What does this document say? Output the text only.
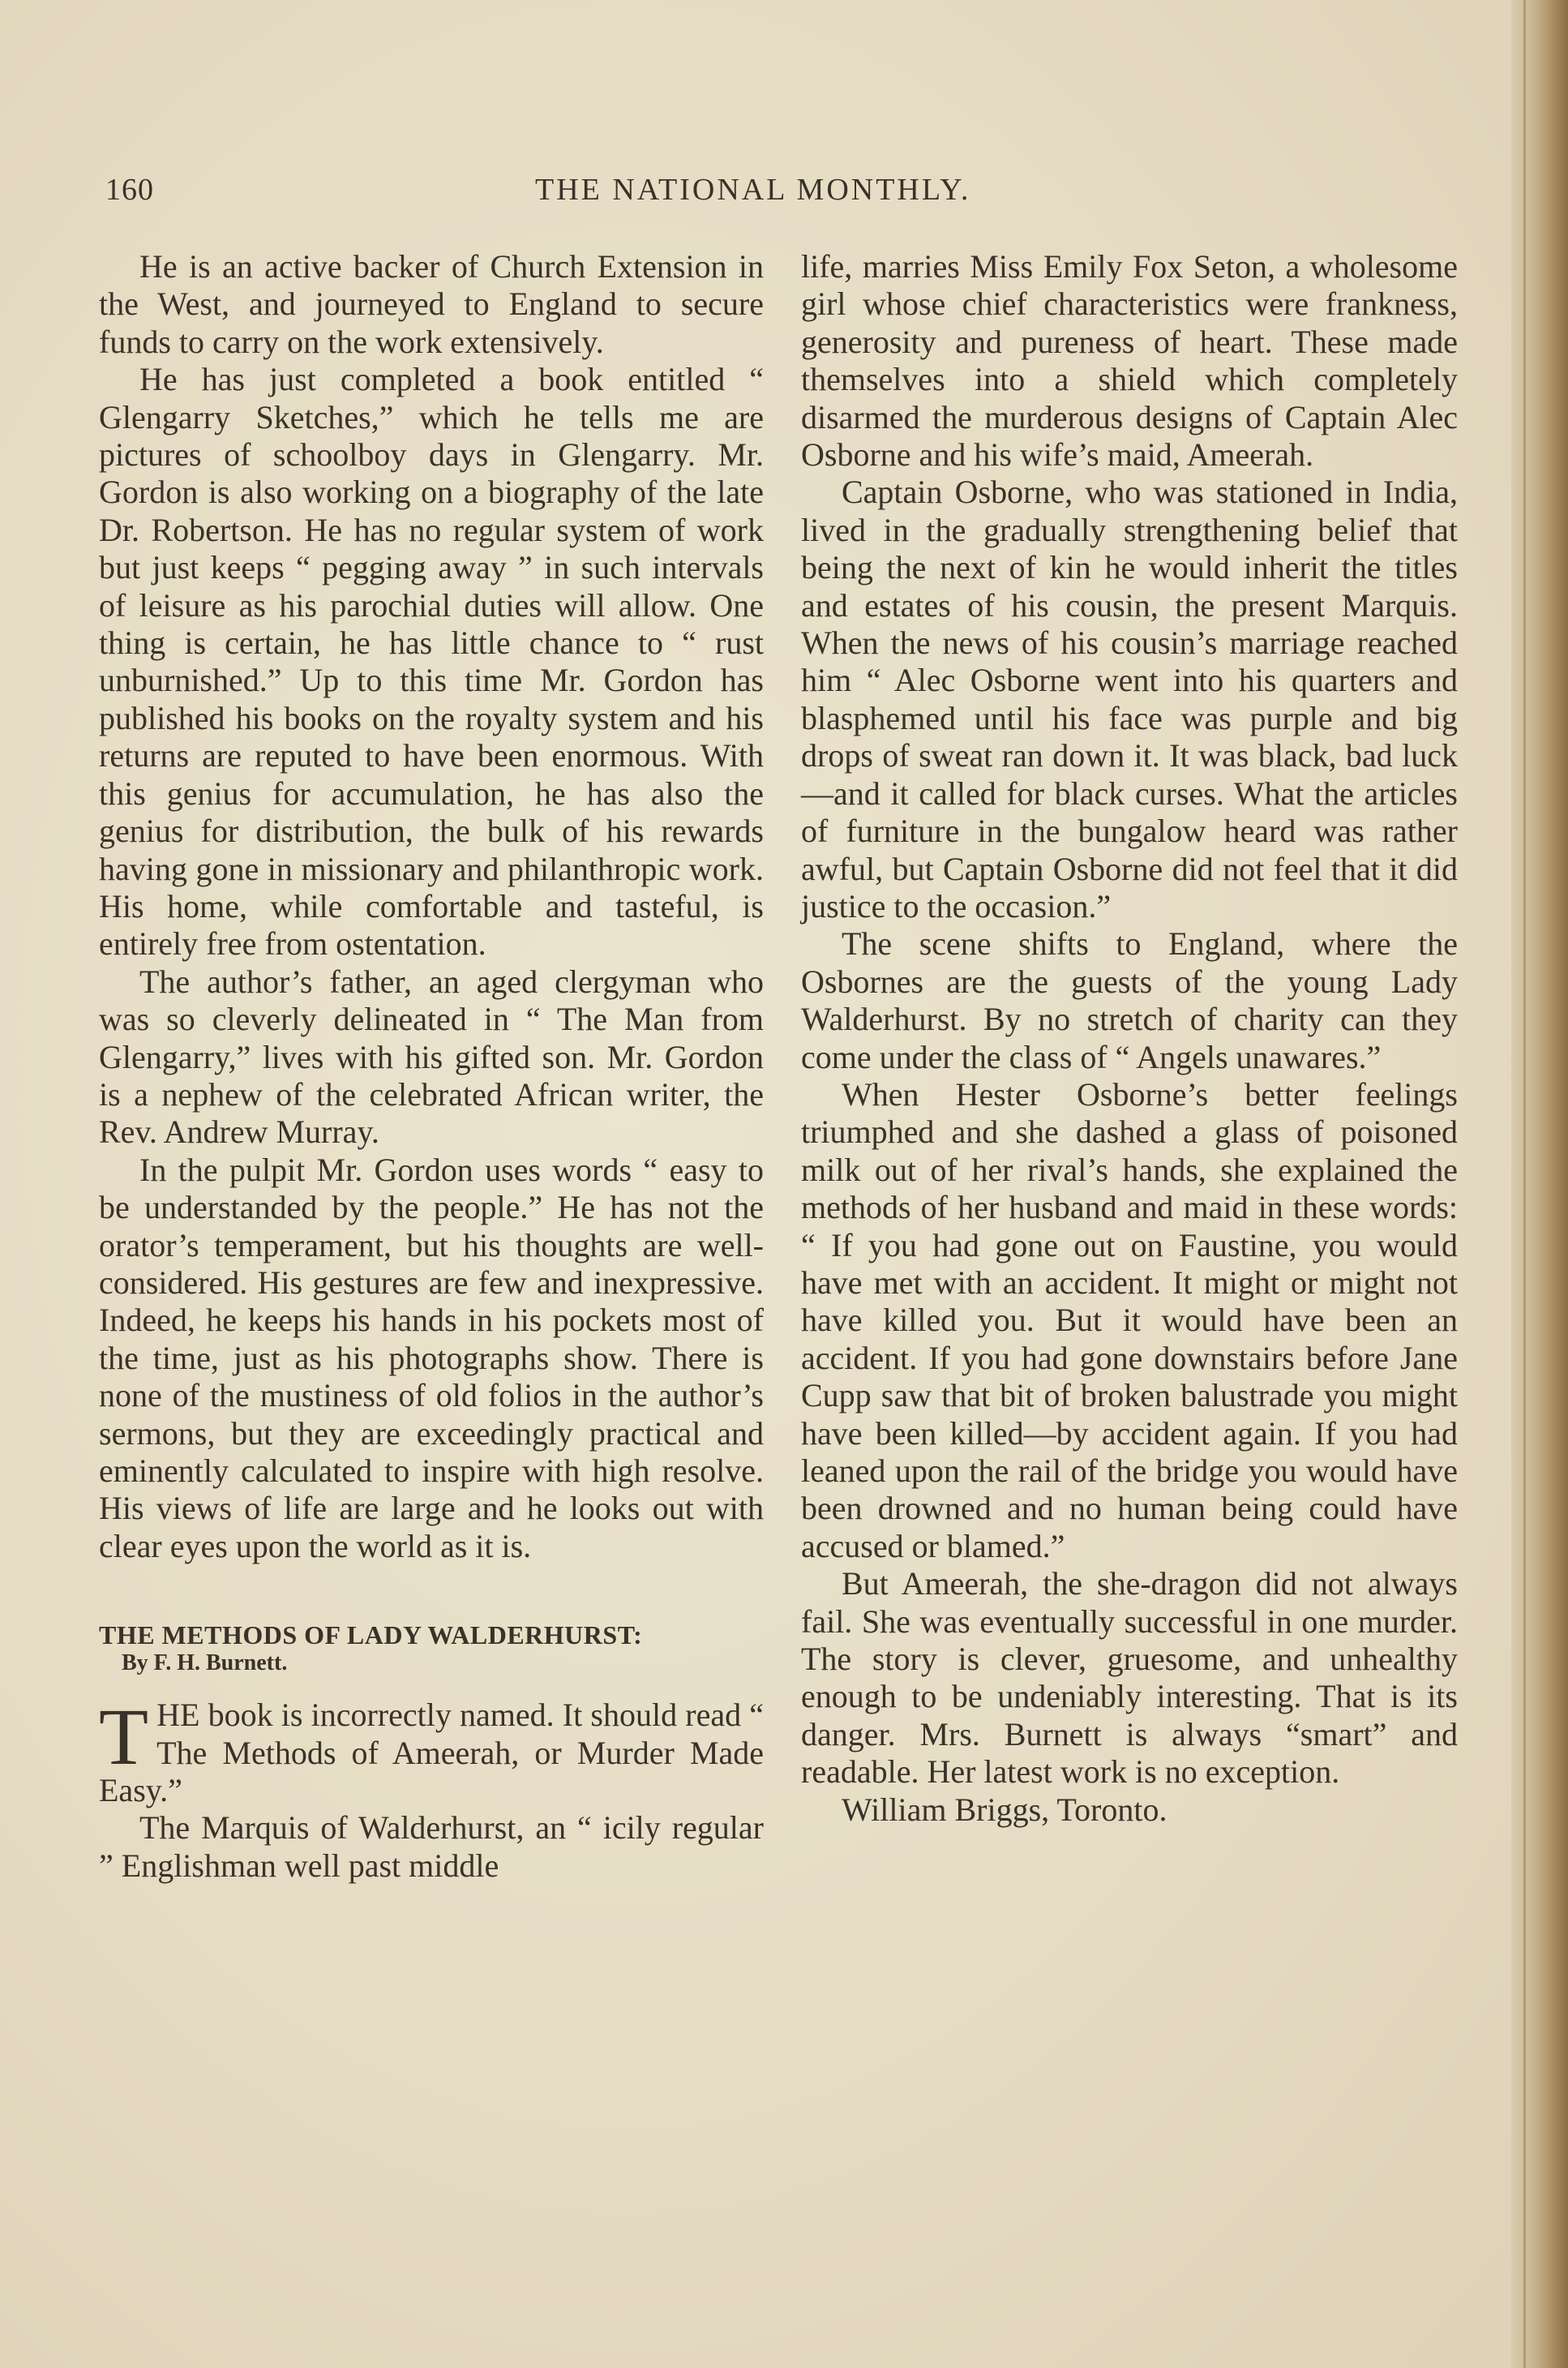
160	THE NATIONAL MONTHLY.

He is an active backer of Church Extension in the West, and journeyed to England to secure funds to carry on the work extensively.

He has just completed a book entitled “ Glengarry Sketches,” which he tells me are pictures of schoolboy days in Glengarry. Mr. Gordon is also working on a biography of the late Dr. Robertson. He has no regular system of work but just keeps “ pegging away ” in such intervals of leisure as his parochial duties will allow. One thing is certain, he has little chance to “ rust unburnished.” Up to this time Mr. Gordon has published his books on the royalty system and his returns are reputed to have been enormous. With this genius for accumulation, he has also the genius for distribution, the bulk of his rewards having gone in missionary and philanthropic work. His home, while comfortable and tasteful, is entirely free from ostentation.

The author’s father, an aged clergyman who was so cleverly delineated in “ The Man from Glengarry,” lives with his gifted son. Mr. Gordon is a nephew of the celebrated African writer, the Rev. Andrew Murray.

In the pulpit Mr. Gordon uses words “ easy to be understanded by the people.” He has not the orator’s temperament, but his thoughts are well-considered. His gestures are few and inexpressive. Indeed, he keeps his hands in his pockets most of the time, just as his photographs show. There is none of the mustiness of old folios in the author’s sermons, but they are exceedingly practical and eminently calculated to inspire with high resolve. His views of life are large and he looks out with clear eyes upon the world as it is.

THE METHODS OF LADY WALDERHURST:
By F. H. Burnett.

THE book is incorrectly named. It should read “ The Methods of Ameerah, or Murder Made Easy.”

The Marquis of Walderhurst, an “ icily regular ” Englishman well past middle

life, marries Miss Emily Fox Seton, a wholesome girl whose chief characteristics were frankness, generosity and pureness of heart. These made themselves into a shield which completely disarmed the murderous designs of Captain Alec Osborne and his wife’s maid, Ameerah.

Captain Osborne, who was stationed in India, lived in the gradually strengthening belief that being the next of kin he would inherit the titles and estates of his cousin, the present Marquis. When the news of his cousin’s marriage reached him “ Alec Osborne went into his quarters and blasphemed until his face was purple and big drops of sweat ran down it. It was black, bad luck—and it called for black curses. What the articles of furniture in the bungalow heard was rather awful, but Captain Osborne did not feel that it did justice to the occasion.”

The scene shifts to England, where the Osbornes are the guests of the young Lady Walderhurst. By no stretch of charity can they come under the class of “ Angels unawares.”

When Hester Osborne’s better feelings triumphed and she dashed a glass of poisoned milk out of her rival’s hands, she explained the methods of her husband and maid in these words: “ If you had gone out on Faustine, you would have met with an accident. It might or might not have killed you. But it would have been an accident. If you had gone downstairs before Jane Cupp saw that bit of broken balustrade you might have been killed—by accident again. If you had leaned upon the rail of the bridge you would have been drowned and no human being could have accused or blamed.”

But Ameerah, the she-dragon did not always fail. She was eventually successful in one murder. The story is clever, gruesome, and unhealthy enough to be undeniably interesting. That is its danger. Mrs. Burnett is always “smart” and readable. Her latest work is no exception.

William Briggs, Toronto.
